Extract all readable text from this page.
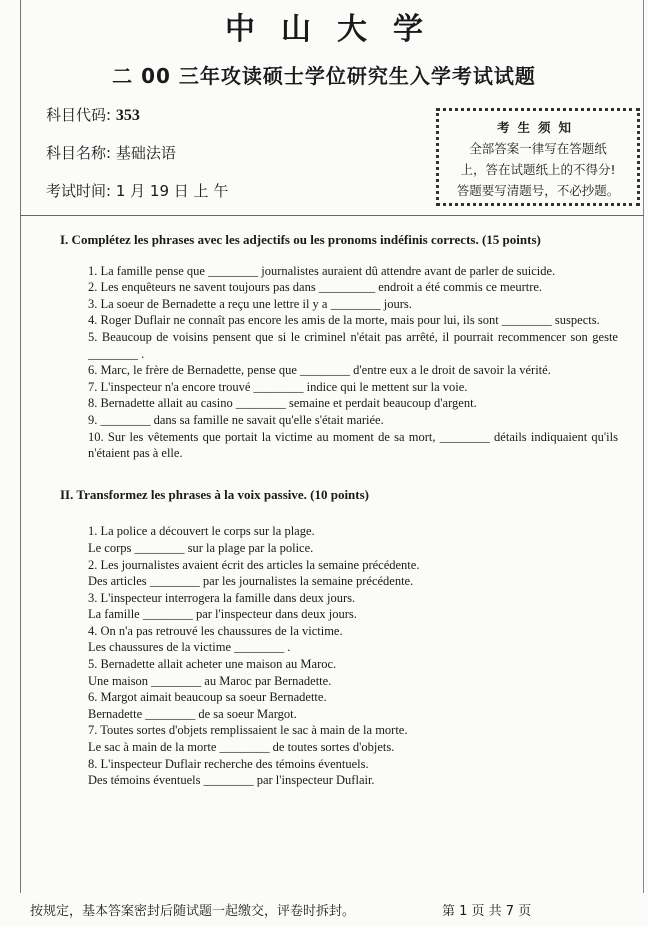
中山大学
二 00 三年攻读硕士学位研究生入学考试试题
科目代码: 353
科目名称: 基础法语
考试时间: 1 月 19 日 上 午
考生须知
全部答案一律写在答题纸
上，答在试题纸上的不得分!
答题要写清题号，不必抄题。
I. Complétez les phrases avec les adjectifs ou les pronoms indéfinis corrects. (15 points)
1. La famille pense que ________ journalistes auraient dû attendre avant de parler de suicide.
2. Les enquêteurs ne savent toujours pas dans _________ endroit a été commis ce meurtre.
3. La soeur de Bernadette a reçu une lettre il y a ________ jours.
4. Roger Duflair ne connaît pas encore les amis de la morte, mais pour lui, ils sont ________ suspects.
5. Beaucoup de voisins pensent que si le criminel n'était pas arrêté, il pourrait recommencer son geste ________ .
6. Marc, le frère de Bernadette, pense que ________ d'entre eux a le droit de savoir la vérité.
7. L'inspecteur n'a encore trouvé ________ indice qui le mettent sur la voie.
8. Bernadette allait au casino ________ semaine et perdait beaucoup d'argent.
9. ________ dans sa famille ne savait qu'elle s'était mariée.
10. Sur les vêtements que portait la victime au moment de sa mort, ________ détails indiquaient qu'ils n'étaient pas à elle.
II. Transformez les phrases à la voix passive. (10 points)
1. La police a découvert le corps sur la plage.
Le corps ________ sur la plage par la police.
2. Les journalistes avaient écrit des articles la semaine précédente.
Des articles ________ par les journalistes la semaine précédente.
3. L'inspecteur interrogera la famille dans deux jours.
La famille ________ par l'inspecteur dans deux jours.
4. On n'a pas retrouvé les chaussures de la victime.
Les chaussures de la victime ________ .
5. Bernadette allait acheter une maison au Maroc.
Une maison ________ au Maroc par Bernadette.
6. Margot aimait beaucoup sa soeur Bernadette.
Bernadette ________ de sa soeur Margot.
7. Toutes sortes d'objets remplissaient le sac à main de la morte.
Le sac à main de la morte ________ de toutes sortes d'objets.
8. L'inspecteur Duflair recherche des témoins éventuels.
Des témoins éventuels ________ par l'inspecteur Duflair.
按规定，基本答案密封后随试题一起缴交，评卷时拆封。	第 1 页 共 7 页
